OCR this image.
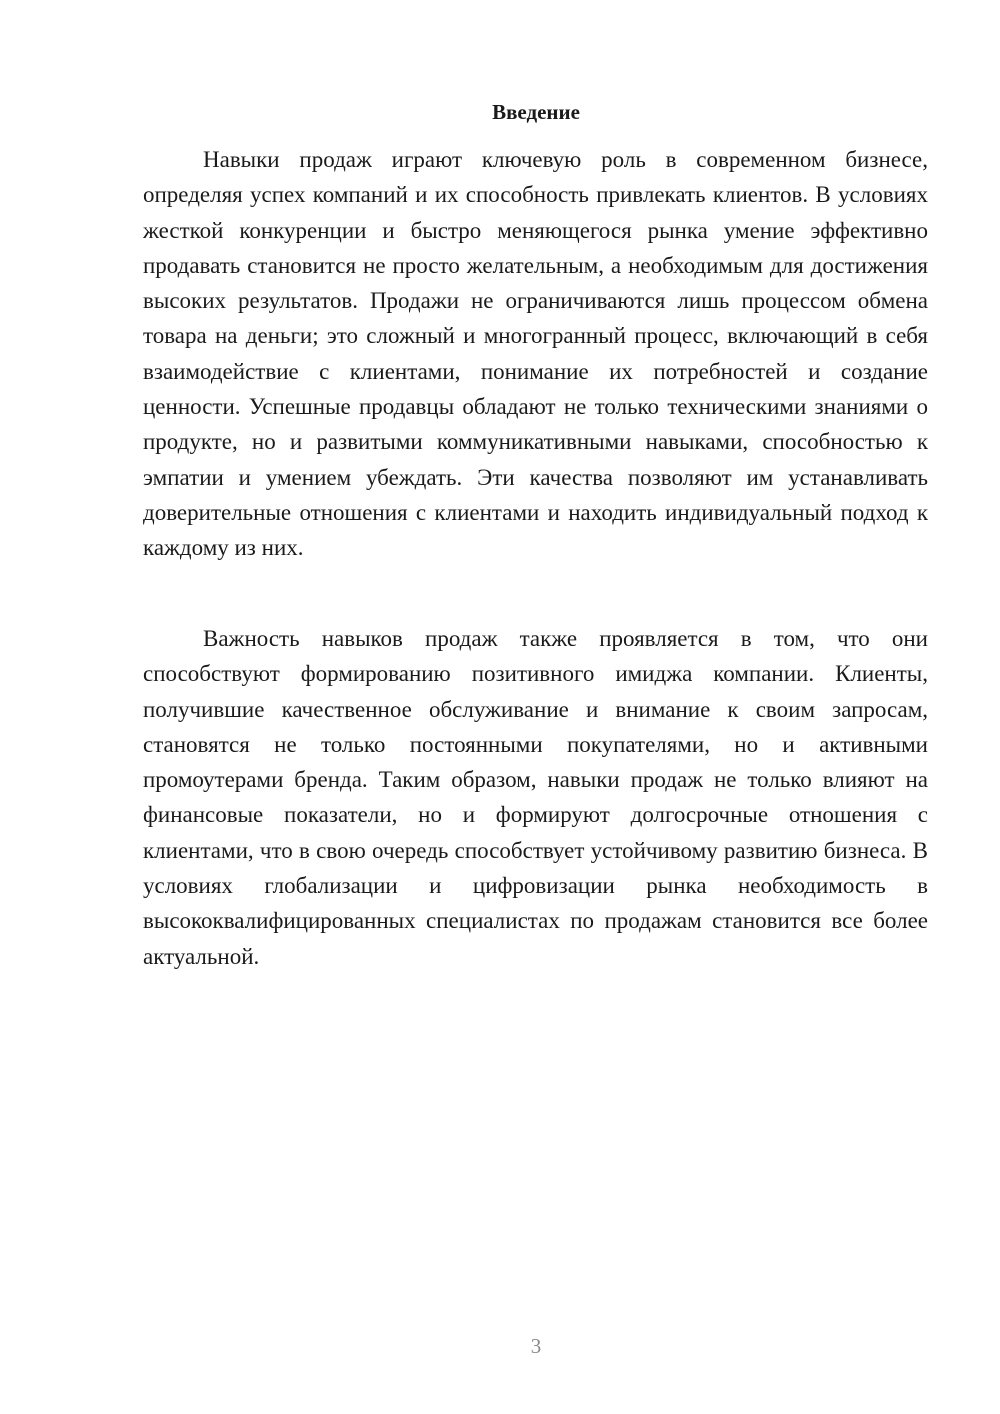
Введение

Навыки продаж играют ключевую роль в современном бизнесе, определяя успех компаний и их способность привлекать клиентов. В условиях жесткой конкуренции и быстро меняющегося рынка умение эффективно продавать становится не просто желательным, а необходимым для достижения высоких результатов. Продажи не ограничиваются лишь процессом обмена товара на деньги; это сложный и многогранный процесс, включающий в себя взаимодействие с клиентами, понимание их потребностей и создание ценности. Успешные продавцы обладают не только техническими знаниями о продукте, но и развитыми коммуникативными навыками, способностью к эмпатии и умением убеждать. Эти качества позволяют им устанавливать доверительные отношения с клиентами и находить индивидуальный подход к каждому из них.

Важность навыков продаж также проявляется в том, что они способствуют формированию позитивного имиджа компании. Клиенты, получившие качественное обслуживание и внимание к своим запросам, становятся не только постоянными покупателями, но и активными промоутерами бренда. Таким образом, навыки продаж не только влияют на финансовые показатели, но и формируют долгосрочные отношения с клиентами, что в свою очередь способствует устойчивому развитию бизнеса. В условиях глобализации и цифровизации рынка необходимость в высококвалифицированных специалистах по продажам становится все более актуальной.

3
